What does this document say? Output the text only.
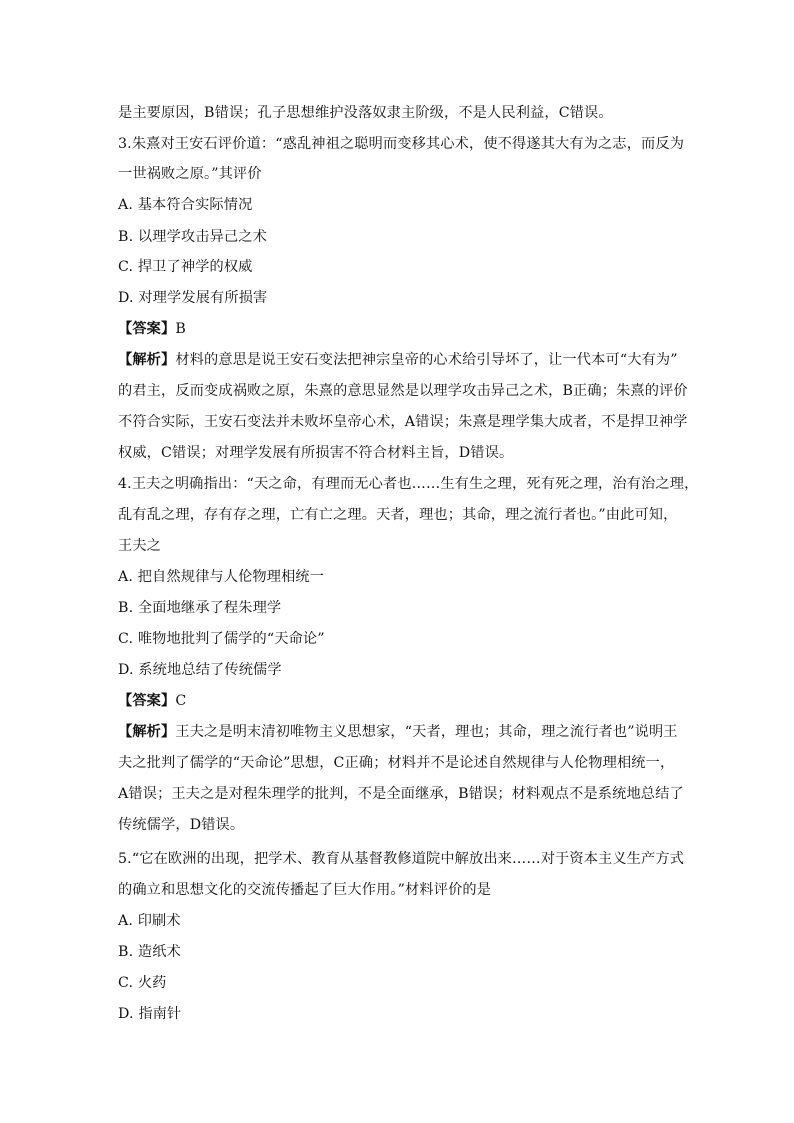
是主要原因，B错误；孔子思想维护没落奴隶主阶级，不是人民利益，C错误。
3.朱熹对王安石评价道：“惑乱神祖之聪明而变移其心术，使不得遂其大有为之志，而反为
一世祸败之原。”其评价
A. 基本符合实际情况
B. 以理学攻击异己之术
C. 捍卫了神学的权威
D. 对理学发展有所损害
【答案】B
【解析】材料的意思是说王安石变法把神宗皇帝的心术给引导坏了，让一代本可“大有为”
的君主，反而变成祸败之原，朱熹的意思显然是以理学攻击异己之术，B正确；朱熹的评价
不符合实际，王安石变法并未败坏皇帝心术，A错误；朱熹是理学集大成者，不是捍卫神学
权威，C错误；对理学发展有所损害不符合材料主旨，D错误。
4.王夫之明确指出：“天之命，有理而无心者也……生有生之理，死有死之理，治有治之理，
乱有乱之理，存有存之理，亡有亡之理。天者，理也；其命，理之流行者也。”由此可知，
王夫之
A. 把自然规律与人伦物理相统一
B. 全面地继承了程朱理学
C. 唯物地批判了儒学的“天命论”
D. 系统地总结了传统儒学
【答案】C
【解析】王夫之是明末清初唯物主义思想家，“天者，理也；其命，理之流行者也”说明王
夫之批判了儒学的“天命论”思想，C正确；材料并不是论述自然规律与人伦物理相统一，
A错误；王夫之是对程朱理学的批判，不是全面继承，B错误；材料观点不是系统地总结了
传统儒学，D错误。
5.“它在欧洲的出现，把学术、教育从基督教修道院中解放出来……对于资本主义生产方式
的确立和思想文化的交流传播起了巨大作用。”材料评价的是
A. 印刷术
B. 造纸术
C. 火药
D. 指南针
